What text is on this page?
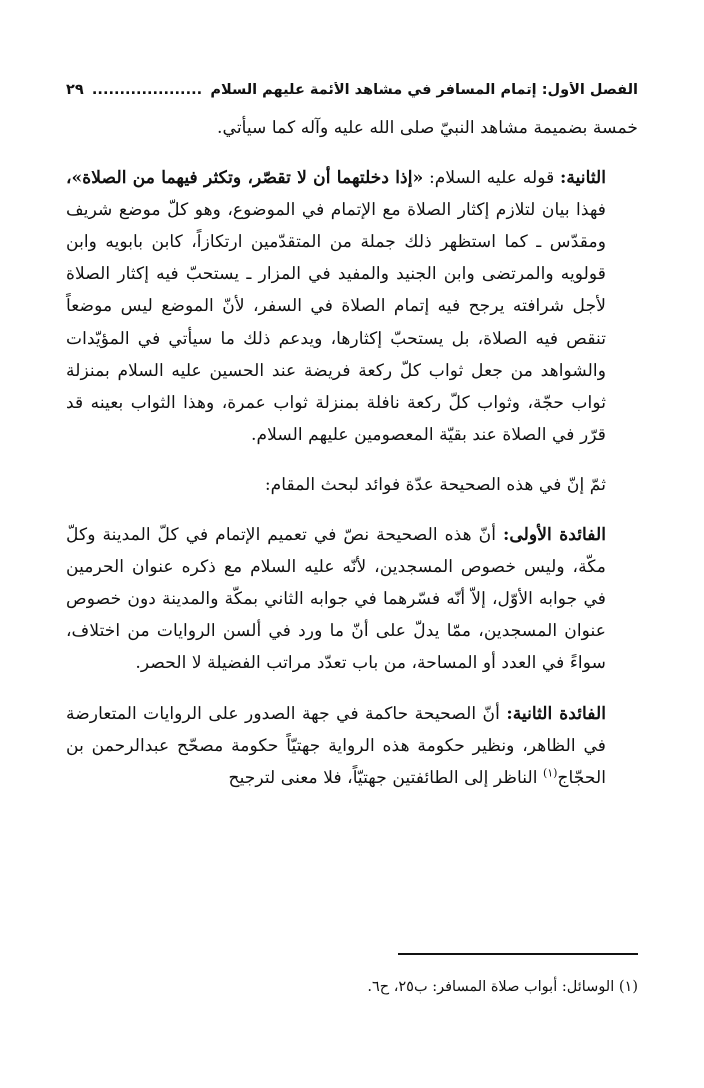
الفصل الأول: إتمام المسافر في مشاهد الأئمة عليهم السلام
....................
٢٩

خمسة بضميمة مشاهد النبيّ صلى الله عليه وآله كما سيأتي.

الثانية: قوله عليه السلام: «إذا دخلتهما أن لا تقصّر، وتكثر فيهما من الصلاة»، فهذا بيان لتلازم إكثار الصلاة مع الإتمام في الموضوع، وهو كلّ موضع شريف ومقدّس ـ كما استظهر ذلك جملة من المتقدّمين ارتكازاً، كابن بابويه وابن قولويه والمرتضى وابن الجنيد والمفيد في المزار ـ يستحبّ فيه إكثار الصلاة لأجل شرافته يرجح فيه إتمام الصلاة في السفر، لأنّ الموضع ليس موضعاً تنقص فيه الصلاة، بل يستحبّ إكثارها، ويدعم ذلك ما سيأتي في المؤيّدات والشواهد من جعل ثواب كلّ ركعة فريضة عند الحسين عليه السلام بمنزلة ثواب حجّة، وثواب كلّ ركعة نافلة بمنزلة ثواب عمرة، وهذا الثواب بعينه قد قرّر في الصلاة عند بقيّة المعصومين عليهم السلام.

ثمّ إنّ في هذه الصحيحة عدّة فوائد لبحث المقام:

الفائدة الأولى: أنّ هذه الصحيحة نصّ في تعميم الإتمام في كلّ المدينة وكلّ مكّة، وليس خصوص المسجدين، لأنّه عليه السلام مع ذكره عنوان الحرمين في جوابه الأوّل، إلاّ أنّه فسّرهما في جوابه الثاني بمكّة والمدينة دون خصوص عنوان المسجدين، ممّا يدلّ على أنّ ما ورد في ألسن الروايات من اختلاف، سواءً في العدد أو المساحة، من باب تعدّد مراتب الفضيلة لا الحصر.

الفائدة الثانية: أنّ الصحيحة حاكمة في جهة الصدور على الروايات المتعارضة في الظاهر، ونظير حكومة هذه الرواية جهتيّاً حكومة مصحّح عبدالرحمن بن الحجّاج$^{(١)}$ الناظر إلى الطائفتين جهتيّاً، فلا معنى لترجيح

(١) الوسائل: أبواب صلاة المسافر: ب٢٥، ح٦.
